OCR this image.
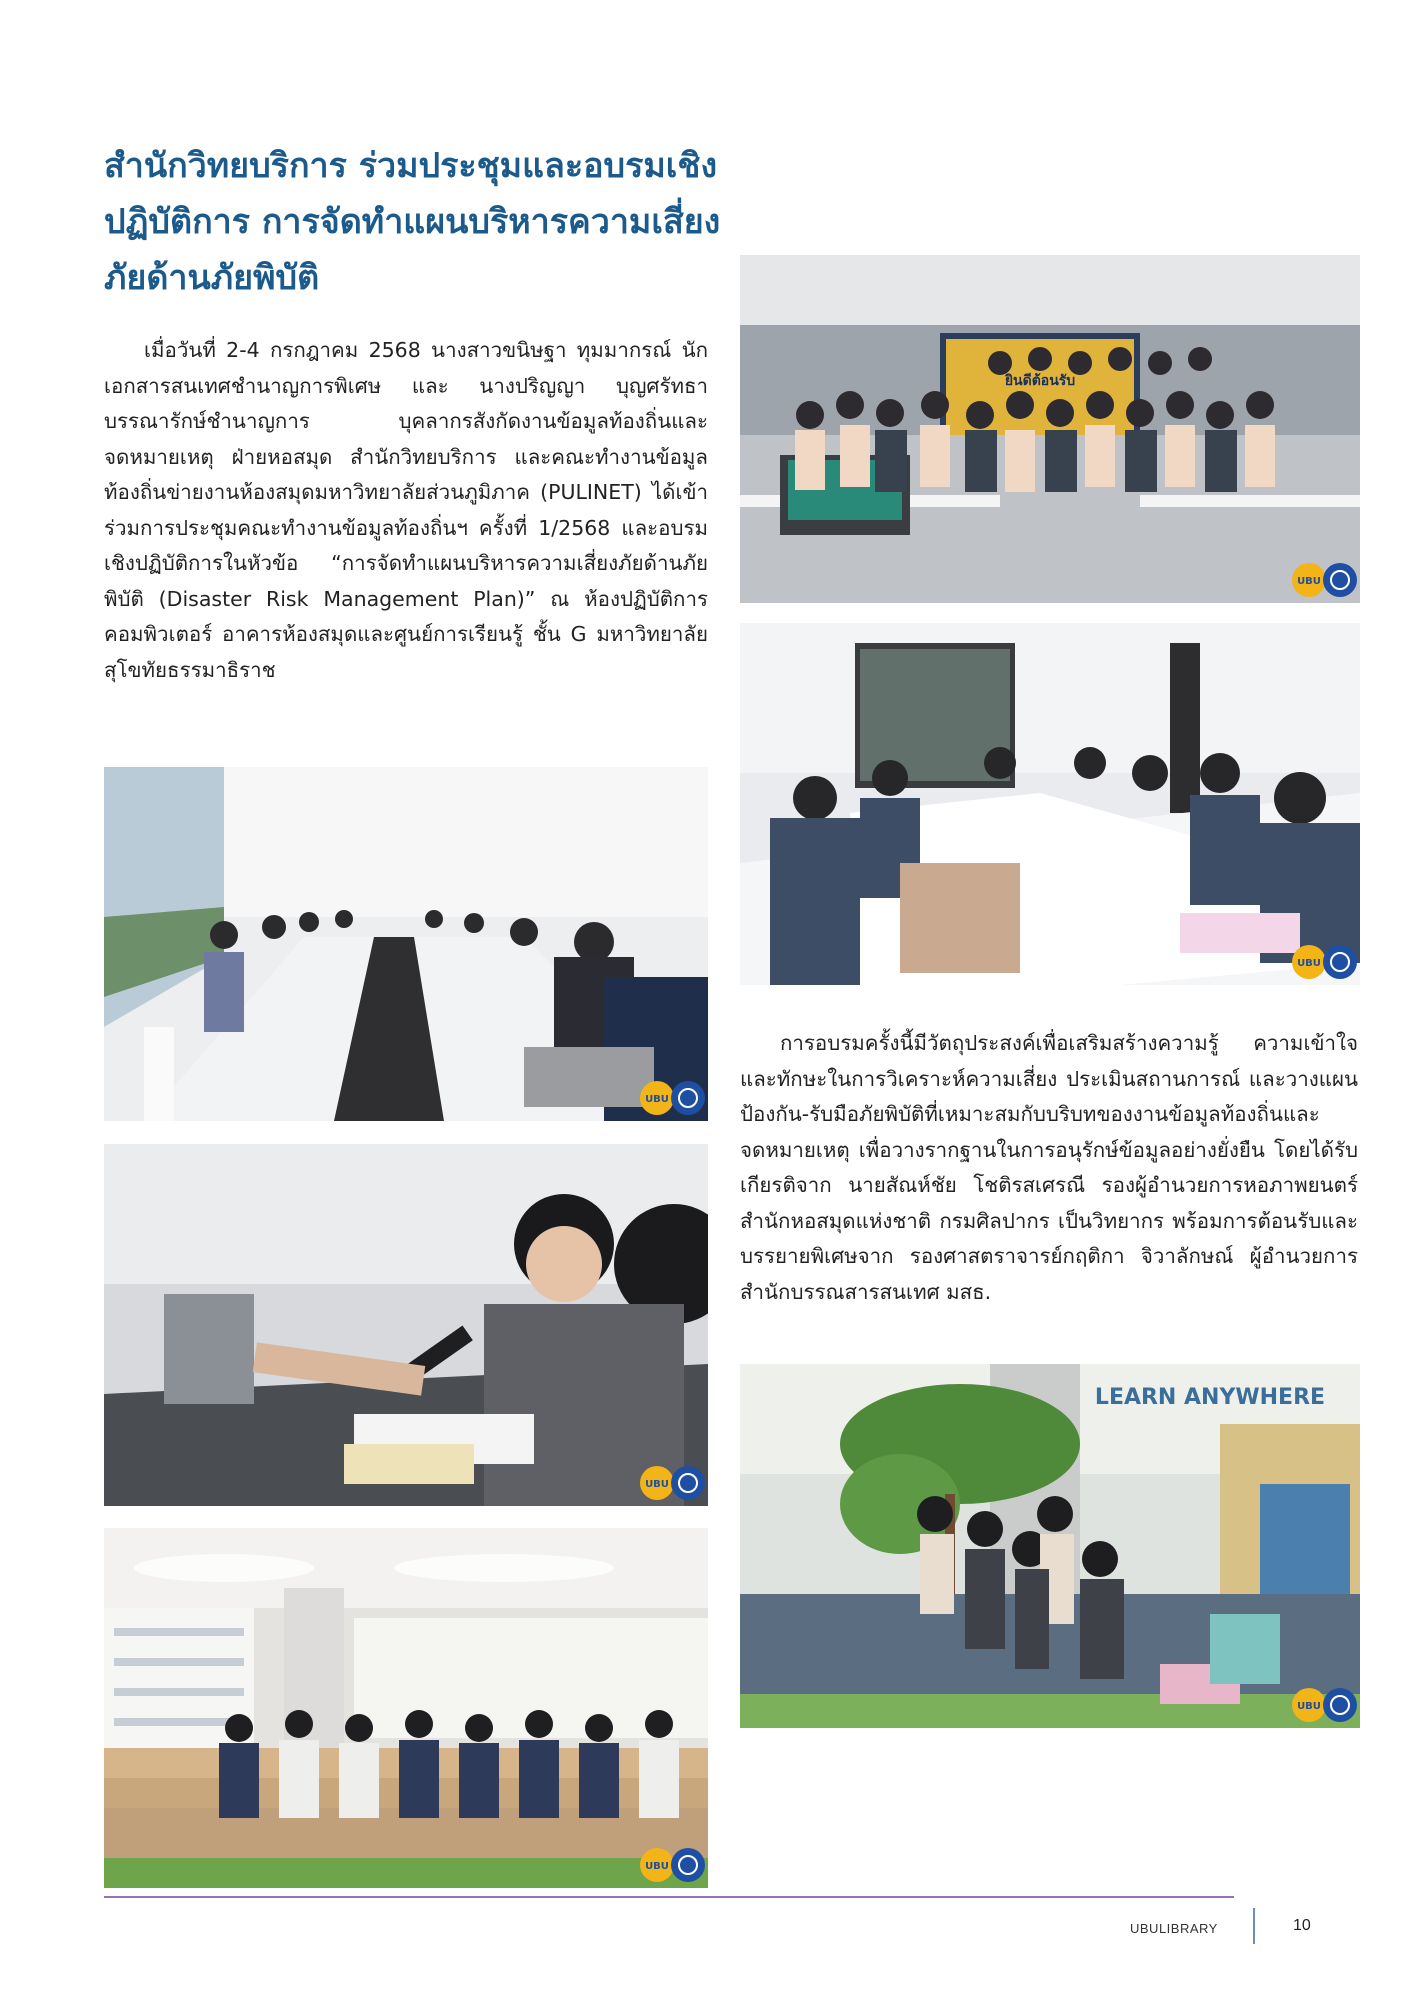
สำนักวิทยบริการ ร่วมประชุมและอบรมเชิง
ปฏิบัติการ การจัดทำแผนบริหารความเสี่ยง
ภัยด้านภัยพิบัติ
เมื่อวันที่ 2-4 กรกฎาคม 2568 นางสาวขนิษฐา ทุมมากรณ์ นักเอกสารสนเทศชำนาญการพิเศษ และ นางปริญญา บุญศรัทธา บรรณารักษ์ชำนาญการ บุคลากรสังกัดงานข้อมูลท้องถิ่นและจดหมายเหตุ ฝ่ายหอสมุด สำนักวิทยบริการ และคณะทำงานข้อมูลท้องถิ่นข่ายงานห้องสมุดมหาวิทยาลัยส่วนภูมิภาค (PULINET) ได้เข้าร่วมการประชุมคณะทำงานข้อมูลท้องถิ่นฯ ครั้งที่ 1/2568 และอบรมเชิงปฏิบัติการในหัวข้อ “การจัดทำแผนบริหารความเสี่ยงภัยด้านภัยพิบัติ (Disaster Risk Management Plan)” ณ ห้องปฏิบัติการคอมพิวเตอร์ อาคารห้องสมุดและศูนย์การเรียนรู้ ชั้น G มหาวิทยาลัยสุโขทัยธรรมาธิราช
การอบรมครั้งนี้มีวัตถุประสงค์เพื่อเสริมสร้างความรู้ ความเข้าใจ และทักษะในการวิเคราะห์ความเสี่ยง ประเมินสถานการณ์ และวางแผนป้องกัน-รับมือภัยพิบัติที่เหมาะสมกับบริบทของงานข้อมูลท้องถิ่นและจดหมายเหตุ เพื่อวางรากฐานในการอนุรักษ์ข้อมูลอย่างยั่งยืน โดยได้รับเกียรติจาก นายสัณห์ชัย โชติรสเศรณี รองผู้อำนวยการหอภาพยนตร์ สำนักหอสมุดแห่งชาติ กรมศิลปากร เป็นวิทยากร พร้อมการต้อนรับและบรรยายพิเศษจาก รองศาสตราจารย์กฤติกา จิวาลักษณ์ ผู้อำนวยการสำนักบรรณสารสนเทศ มสธ.
ยินดีต้อนรับ
UBU
UBU
UBU
UBU
LEARN ANYWHERE
UBU
UBU
UBULIBRARY	10
